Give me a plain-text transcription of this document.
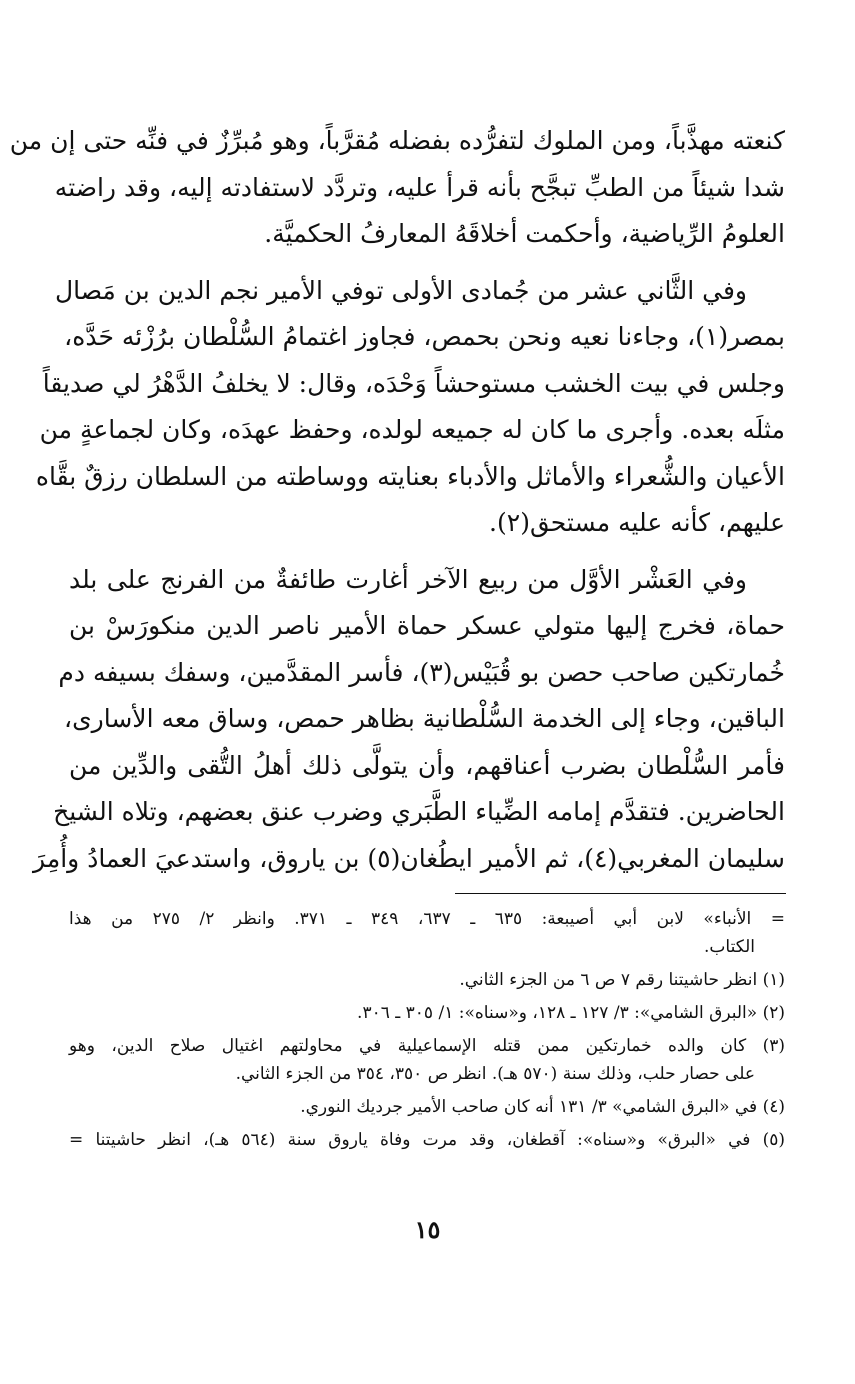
كنعته مهذَّباً، ومن الملوك لتفرُّده بفضله مُقرَّباً، وهو مُبرِّزٌ في فنِّه حتى إن من
شدا شيئاً من الطبِّ تبجَّح بأنه قرأ عليه، وتردَّد لاستفادته إليه، وقد راضته
العلومُ الرِّياضية، وأحكمت أخلاقَهُ المعارفُ الحكميَّة.
وفي الثَّاني عشر من جُمادى الأولى توفي الأمير نجم الدين بن مَصال
بمصر(١)، وجاءنا نعيه ونحن بحمص، فجاوز اغتمامُ السُّلْطان برُزْئه حَدَّه،
وجلس في بيت الخشب مستوحشاً وَحْدَه، وقال: لا يخلفُ الدَّهْرُ لي صديقاً
مثلَه بعده. وأجرى ما كان له جميعه لولده، وحفظ عهدَه، وكان لجماعةٍ من
الأعيان والشُّعراء والأماثل والأدباء بعنايته ووساطته من السلطان رزقٌ بقَّاه
عليهم، كأنه عليه مستحق(٢).
وفي العَشْر الأوَّل من ربيع الآخر أغارت طائفةٌ من الفرنج على بلد
حماة، فخرج إليها متولي عسكر حماة الأمير ناصر الدين منكورَسْ بن
خُمارتكين صاحب حصن بو قُبَيْس(٣)، فأسر المقدَّمين، وسفك بسيفه دم
الباقين، وجاء إلى الخدمة السُّلْطانية بظاهر حمص، وساق معه الأسارى،
فأمر السُّلْطان بضرب أعناقهم، وأن يتولَّى ذلك أهلُ التُّقى والدِّين من
الحاضرين. فتقدَّم إمامه الضِّياء الطَّبَري وضرب عنق بعضهم، وتلاه الشيخ
سليمان المغربي(٤)، ثم الأمير ايطُغان(٥) بن ياروق، واستدعيَ العمادُ وأُمِرَ
= الأنباء» لابن أبي أصيبعة: ٦٣٥ ـ ٦٣٧، ٣٤٩ ـ ٣٧١. وانظر ٢/ ٢٧٥ من هذا
الكتاب.
(١) انظر حاشيتنا رقم ٧ ص ٦ من الجزء الثاني.
(٢) «البرق الشامي»: ٣/ ١٢٧ ـ ١٢٨، و«سناه»: ١/ ٣٠٥ ـ ٣٠٦.
(٣) كان والده خمارتكين ممن قتله الإسماعيلية في محاولتهم اغتيال صلاح الدين، وهو
على حصار حلب، وذلك سنة (٥٧٠ هـ). انظر ص ٣٥٠، ٣٥٤ من الجزء الثاني.
(٤) في «البرق الشامي» ٣/ ١٣١ أنه كان صاحب الأمير جرديك النوري.
(٥) في «البرق» و«سناه»: آقطغان، وقد مرت وفاة ياروق سنة (٥٦٤ هـ)، انظر حاشيتنا =
١٥
